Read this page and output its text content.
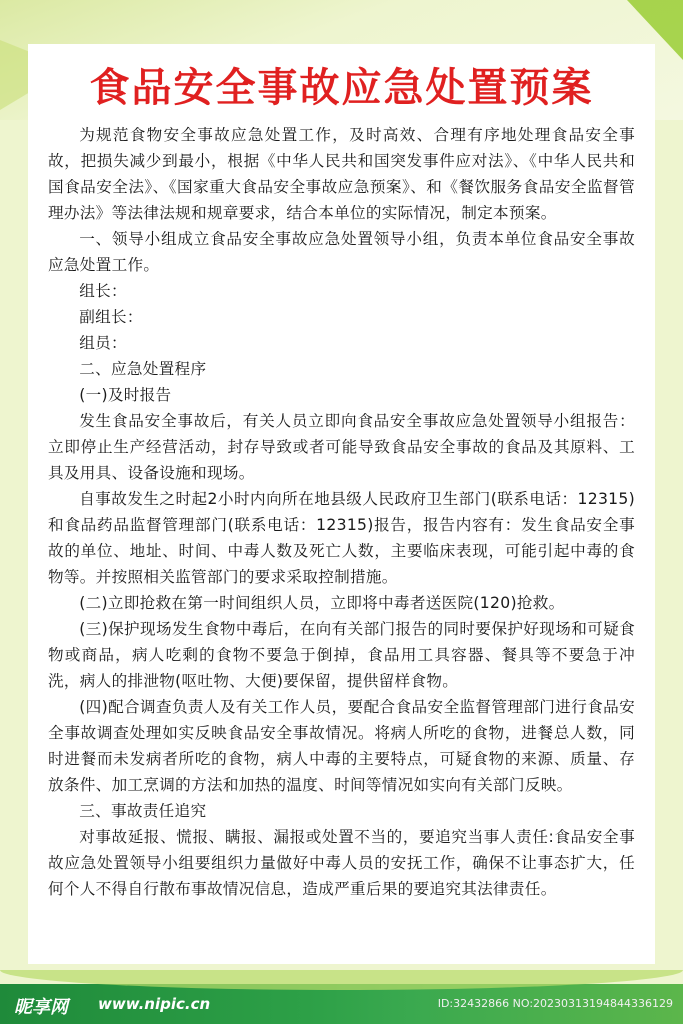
食品安全事故应急处置预案

为规范食物安全事故应急处置工作，及时高效、合理有序地处理食品安全事故，把损失减少到最小，根据《中华人民共和国突发事件应对法》、《中华人民共和国食品安全法》、《国家重大食品安全事故应急预案》、和《餐饮服务食品安全监督管理办法》等法律法规和规章要求，结合本单位的实际情况，制定本预案。

一、领导小组成立食品安全事故应急处置领导小组，负责本单位食品安全事故应急处置工作。

组长：

副组长：

组员：

二、应急处置程序

(一)及时报告

发生食品安全事故后，有关人员立即向食品安全事故应急处置领导小组报告：立即停止生产经营活动，封存导致或者可能导致食品安全事故的食品及其原料、工具及用具、设备设施和现场。

自事故发生之时起2小时内向所在地县级人民政府卫生部门(联系电话：12315)和食品药品监督管理部门(联系电话：12315)报告，报告内容有：发生食品安全事故的单位、地址、时间、中毒人数及死亡人数，主要临床表现，可能引起中毒的食物等。并按照相关监管部门的要求采取控制措施。

(二)立即抢救在第一时间组织人员，立即将中毒者送医院(120)抢救。

(三)保护现场发生食物中毒后，在向有关部门报告的同时要保护好现场和可疑食物或商品，病人吃剩的食物不要急于倒掉，食品用工具容器、餐具等不要急于冲洗，病人的排泄物(呕吐物、大便)要保留，提供留样食物。

(四)配合调查负责人及有关工作人员，要配合食品安全监督管理部门进行食品安全事故调查处理如实反映食品安全事故情况。将病人所吃的食物，进餐总人数，同时进餐而未发病者所吃的食物，病人中毒的主要特点，可疑食物的来源、质量、存放条件、加工烹调的方法和加热的温度、时间等情况如实向有关部门反映。

三、事故责任追究

对事故延报、慌报、瞒报、漏报或处置不当的，要追究当事人责任:食品安全事故应急处置领导小组要组织力量做好中毒人员的安抚工作，确保不让事态扩大，任何个人不得自行散布事故情况信息，造成严重后果的要追究其法律责任。

昵享网 www.nipic.cn	ID:32432866 NO:20230313194844336129
